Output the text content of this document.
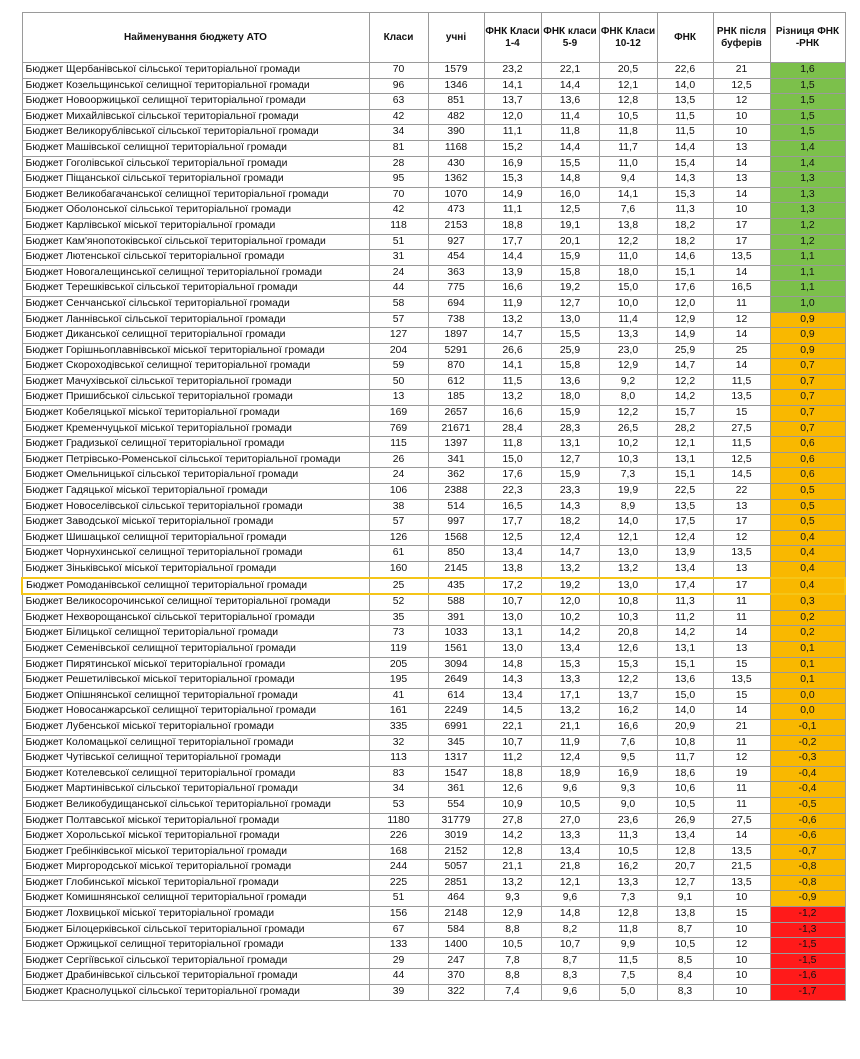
Найменування бюджету АТО	Класи	учні	ФНК Класи 1-4	ФНК класи 5-9	ФНК Класи 10-12	ФНК	РНК після буферів	Різниця ФНК -РНК
Бюджет Щербанівської сільської територіальної громади	70	1579	23,2	22,1	20,5	22,6	21	1,6
Бюджет Козельщинської селищної територіальної громади	96	1346	14,1	14,4	12,1	14,0	12,5	1,5
Бюджет Новооржицької селищної територіальної громади	63	851	13,7	13,6	12,8	13,5	12	1,5
Бюджет Михайлівської сільської територіальної громади	42	482	12,0	11,4	10,5	11,5	10	1,5
Бюджет Великорублівської сільської територіальної громади	34	390	11,1	11,8	11,8	11,5	10	1,5
Бюджет Машівської селищної територіальної громади	81	1168	15,2	14,4	11,7	14,4	13	1,4
Бюджет Гоголівської сільської територіальної громади	28	430	16,9	15,5	11,0	15,4	14	1,4
Бюджет Піщанської сільської територіальної громади	95	1362	15,3	14,8	9,4	14,3	13	1,3
Бюджет Великобагачанської селищної територіальної громади	70	1070	14,9	16,0	14,1	15,3	14	1,3
Бюджет Оболонської сільської територіальної громади	42	473	11,1	12,5	7,6	11,3	10	1,3
Бюджет Карлівської міської територіальної громади	118	2153	18,8	19,1	13,8	18,2	17	1,2
Бюджет Кам'янопотоківської сільської територіальної громади	51	927	17,7	20,1	12,2	18,2	17	1,2
Бюджет Лютенської сільської територіальної громади	31	454	14,4	15,9	11,0	14,6	13,5	1,1
Бюджет Новогалещинської селищної територіальної громади	24	363	13,9	15,8	18,0	15,1	14	1,1
Бюджет Терешківської сільської територіальної громади	44	775	16,6	19,2	15,0	17,6	16,5	1,1
Бюджет Сенчанської сільської територіальної громади	58	694	11,9	12,7	10,0	12,0	11	1,0
Бюджет Ланнівської сільської територіальної громади	57	738	13,2	13,0	11,4	12,9	12	0,9
Бюджет Диканської селищної територіальної громади	127	1897	14,7	15,5	13,3	14,9	14	0,9
Бюджет Горішньоплавнівської міської територіальної громади	204	5291	26,6	25,9	23,0	25,9	25	0,9
Бюджет Скороходівської селищної територіальної громади	59	870	14,1	15,8	12,9	14,7	14	0,7
Бюджет Мачухівської сільської територіальної громади	50	612	11,5	13,6	9,2	12,2	11,5	0,7
Бюджет Пришибської сільської територіальної громади	13	185	13,2	18,0	8,0	14,2	13,5	0,7
Бюджет Кобеляцької міської територіальної громади	169	2657	16,6	15,9	12,2	15,7	15	0,7
Бюджет Кременчуцької міської територіальної громади	769	21671	28,4	28,3	26,5	28,2	27,5	0,7
Бюджет Градизької селищної територіальної громади	115	1397	11,8	13,1	10,2	12,1	11,5	0,6
Бюджет Петрівсько-Роменської сільської територіальної громади	26	341	15,0	12,7	10,3	13,1	12,5	0,6
Бюджет Омельницької сільської територіальної громади	24	362	17,6	15,9	7,3	15,1	14,5	0,6
Бюджет Гадяцької міської територіальної громади	106	2388	22,3	23,3	19,9	22,5	22	0,5
Бюджет Новоселівської сільської територіальної громади	38	514	16,5	14,3	8,9	13,5	13	0,5
Бюджет Заводської міської територіальної громади	57	997	17,7	18,2	14,0	17,5	17	0,5
Бюджет Шишацької селищної територіальної громади	126	1568	12,5	12,4	12,1	12,4	12	0,4
Бюджет Чорнухинської селищної територіальної громади	61	850	13,4	14,7	13,0	13,9	13,5	0,4
Бюджет Зіньківської міської територіальної громади	160	2145	13,8	13,2	13,2	13,4	13	0,4
Бюджет Ромоданівської селищної територіальної громади	25	435	17,2	19,2	13,0	17,4	17	0,4
Бюджет Великосорочинської селищної територіальної громади	52	588	10,7	12,0	10,8	11,3	11	0,3
Бюджет Нехворощанської сільської територіальної громади	35	391	13,0	10,2	10,3	11,2	11	0,2
Бюджет Білицької селищної територіальної громади	73	1033	13,1	14,2	20,8	14,2	14	0,2
Бюджет Семенівської селищної територіальної громади	119	1561	13,0	13,4	12,6	13,1	13	0,1
Бюджет Пирятинської міської територіальної громади	205	3094	14,8	15,3	15,3	15,1	15	0,1
Бюджет Решетилівської міської територіальної громади	195	2649	14,3	13,3	12,2	13,6	13,5	0,1
Бюджет Опішнянської селищної територіальної громади	41	614	13,4	17,1	13,7	15,0	15	0,0
Бюджет Новосанжарської селищної територіальної громади	161	2249	14,5	13,2	16,2	14,0	14	0,0
Бюджет Лубенської міської територіальної громади	335	6991	22,1	21,1	16,6	20,9	21	-0,1
Бюджет Коломацької селищної територіальної громади	32	345	10,7	11,9	7,6	10,8	11	-0,2
Бюджет Чутівської селищної територіальної громади	113	1317	11,2	12,4	9,5	11,7	12	-0,3
Бюджет Котелевської селищної територіальної громади	83	1547	18,8	18,9	16,9	18,6	19	-0,4
Бюджет Мартинівської сільської територіальної громади	34	361	12,6	9,6	9,3	10,6	11	-0,4
Бюджет Великобудищанської сільської територіальної громади	53	554	10,9	10,5	9,0	10,5	11	-0,5
Бюджет Полтавської міської територіальної громади	1180	31779	27,8	27,0	23,6	26,9	27,5	-0,6
Бюджет Хорольської міської територіальної громади	226	3019	14,2	13,3	11,3	13,4	14	-0,6
Бюджет Гребінківської міської територіальної громади	168	2152	12,8	13,4	10,5	12,8	13,5	-0,7
Бюджет Миргородської міської територіальної громади	244	5057	21,1	21,8	16,2	20,7	21,5	-0,8
Бюджет Глобинської міської територіальної громади	225	2851	13,2	12,1	13,3	12,7	13,5	-0,8
Бюджет Комишнянської селищної територіальної громади	51	464	9,3	9,6	7,3	9,1	10	-0,9
Бюджет Лохвицької міської територіальної громади	156	2148	12,9	14,8	12,8	13,8	15	-1,2
Бюджет Білоцерківської сільської територіальної громади	67	584	8,8	8,2	11,8	8,7	10	-1,3
Бюджет Оржицької селищної територіальної громади	133	1400	10,5	10,7	9,9	10,5	12	-1,5
Бюджет Сергіївської сільської територіальної громади	29	247	7,8	8,7	11,5	8,5	10	-1,5
Бюджет Драбинівської сільської територіальної громади	44	370	8,8	8,3	7,5	8,4	10	-1,6
Бюджет Краснолуцької сільської територіальної громади	39	322	7,4	9,6	5,0	8,3	10	-1,7
